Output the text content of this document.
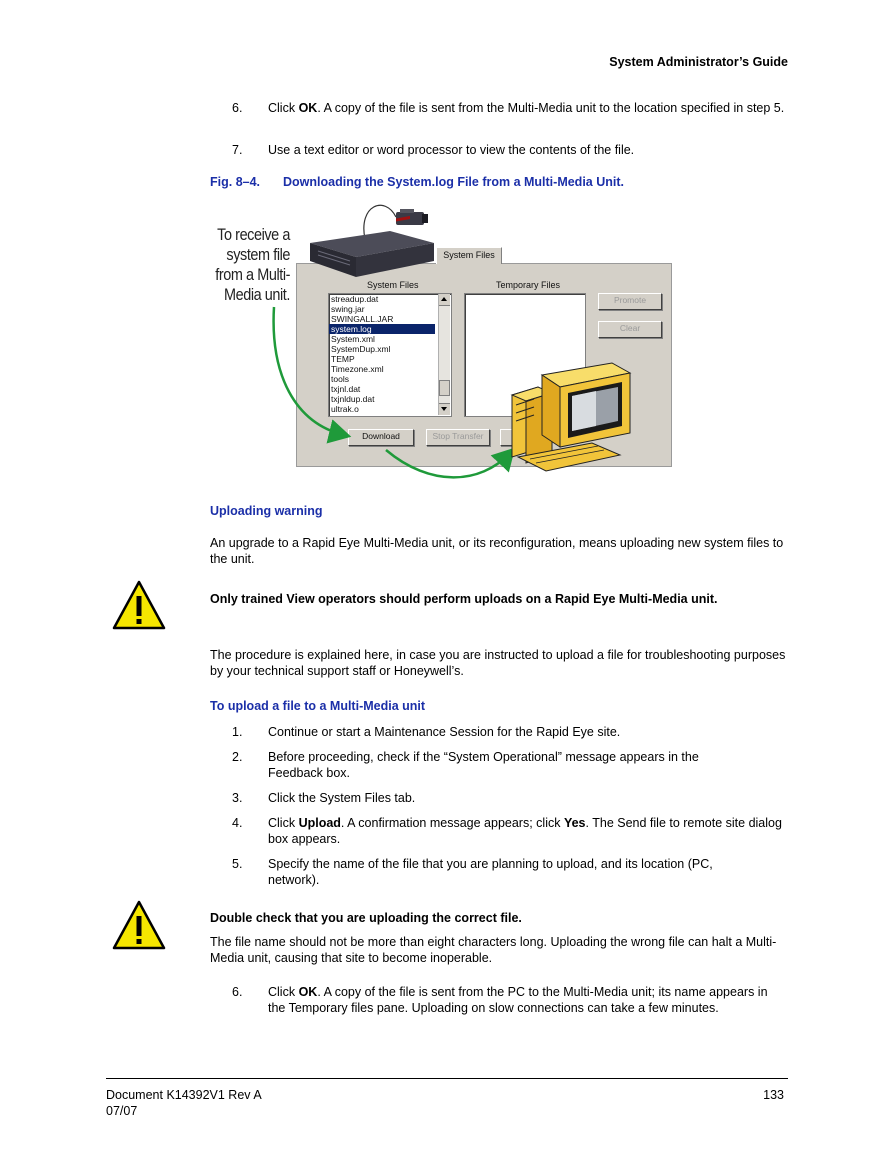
System Administrator’s Guide
6. Click OK. A copy of the file is sent from the Multi-Media unit to the location specified in step 5.
7. Use a text editor or word processor to view the contents of the file.
Fig. 8–4. Downloading the System.log File from a Multi-Media Unit.
To receive a
system file
from a Multi-
Media unit.
System Files
System Files	Temporary Files
streadup.dat
swing.jar
SWINGALL.JAR
system.log
System.xml
SystemDup.xml
TEMP
Timezone.xml
tools
txjnl.dat
txjnldup.dat
ultrak.o
Promote
Clear
Download	Stop Transfer
Uploading warning
An upgrade to a Rapid Eye Multi-Media unit, or its reconfiguration, means uploading new system files to the unit.
Only trained View operators should perform uploads on a Rapid Eye Multi-Media unit.
The procedure is explained here, in case you are instructed to upload a file for troubleshooting purposes by your technical support staff or Honeywell’s.
To upload a file to a Multi-Media unit
1. Continue or start a Maintenance Session for the Rapid Eye site.
2. Before proceeding, check if the “System Operational” message appears in the Feedback box.
3. Click the System Files tab.
4. Click Upload. A confirmation message appears; click Yes. The Send file to remote site dialog box appears.
5. Specify the name of the file that you are planning to upload, and its location (PC, network).
Double check that you are uploading the correct file.
The file name should not be more than eight characters long. Uploading the wrong file can halt a Multi-Media unit, causing that site to become inoperable.
6. Click OK. A copy of the file is sent from the PC to the Multi-Media unit; its name appears in the Temporary files pane. Uploading on slow connections can take a few minutes.
Document K14392V1 Rev A
07/07
133
